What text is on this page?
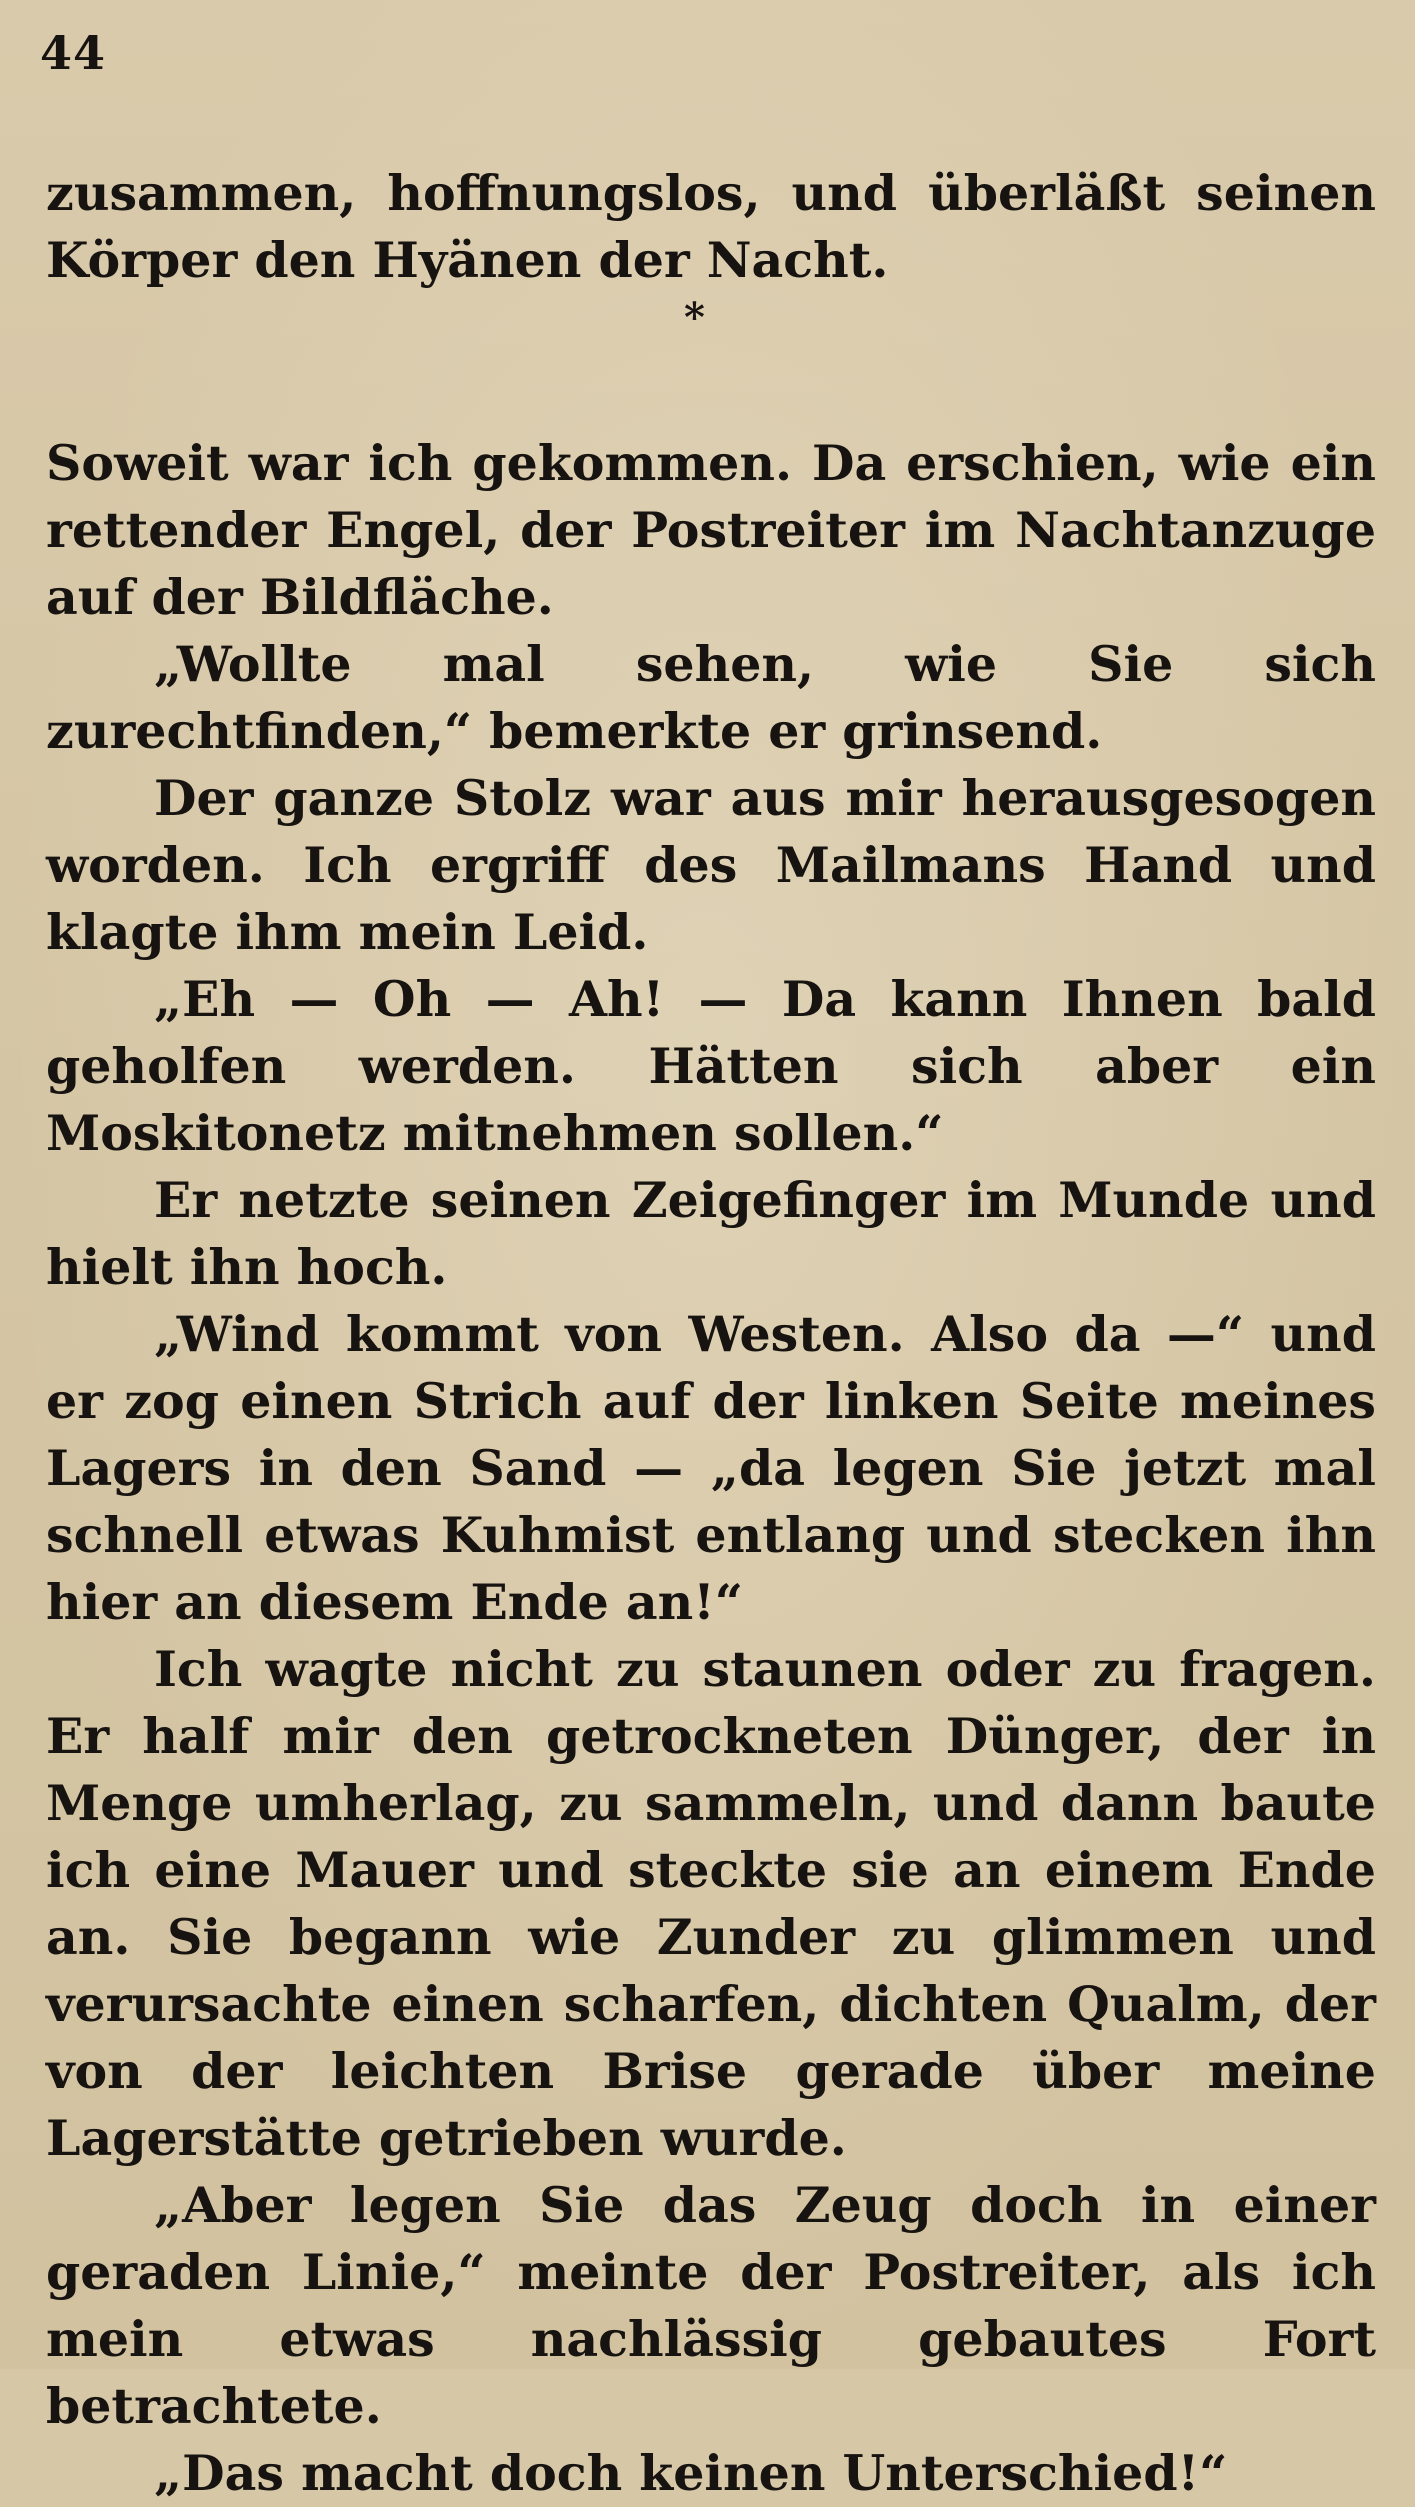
44

zusammen, hoffnungslos, und überläßt seinen Körper den Hyänen der Nacht.

*

Soweit war ich gekommen. Da erschien, wie ein rettender Engel, der Postreiter im Nachtanzuge auf der Bildfläche.

„Wollte mal sehen, wie Sie sich zurechtfinden,“ bemerkte er grinsend.

Der ganze Stolz war aus mir herausgesogen worden. Ich ergriff des Mailmans Hand und klagte ihm mein Leid.

„Eh — Oh — Ah! — Da kann Ihnen bald geholfen werden. Hätten sich aber ein Moskitonetz mitnehmen sollen.“

Er netzte seinen Zeigefinger im Munde und hielt ihn hoch.

„Wind kommt von Westen. Also da —“ und er zog einen Strich auf der linken Seite meines Lagers in den Sand — „da legen Sie jetzt mal schnell etwas Kuhmist entlang und stecken ihn hier an diesem Ende an!“

Ich wagte nicht zu staunen oder zu fragen. Er half mir den getrockneten Dünger, der in Menge umherlag, zu sammeln, und dann baute ich eine Mauer und steckte sie an einem Ende an. Sie begann wie Zunder zu glimmen und verursachte einen scharfen, dichten Qualm, der von der leichten Brise gerade über meine Lagerstätte getrieben wurde.

„Aber legen Sie das Zeug doch in einer geraden Linie,“ meinte der Postreiter, als ich mein etwas nachlässig gebautes Fort betrachtete.

„Das macht doch keinen Unterschied!“
